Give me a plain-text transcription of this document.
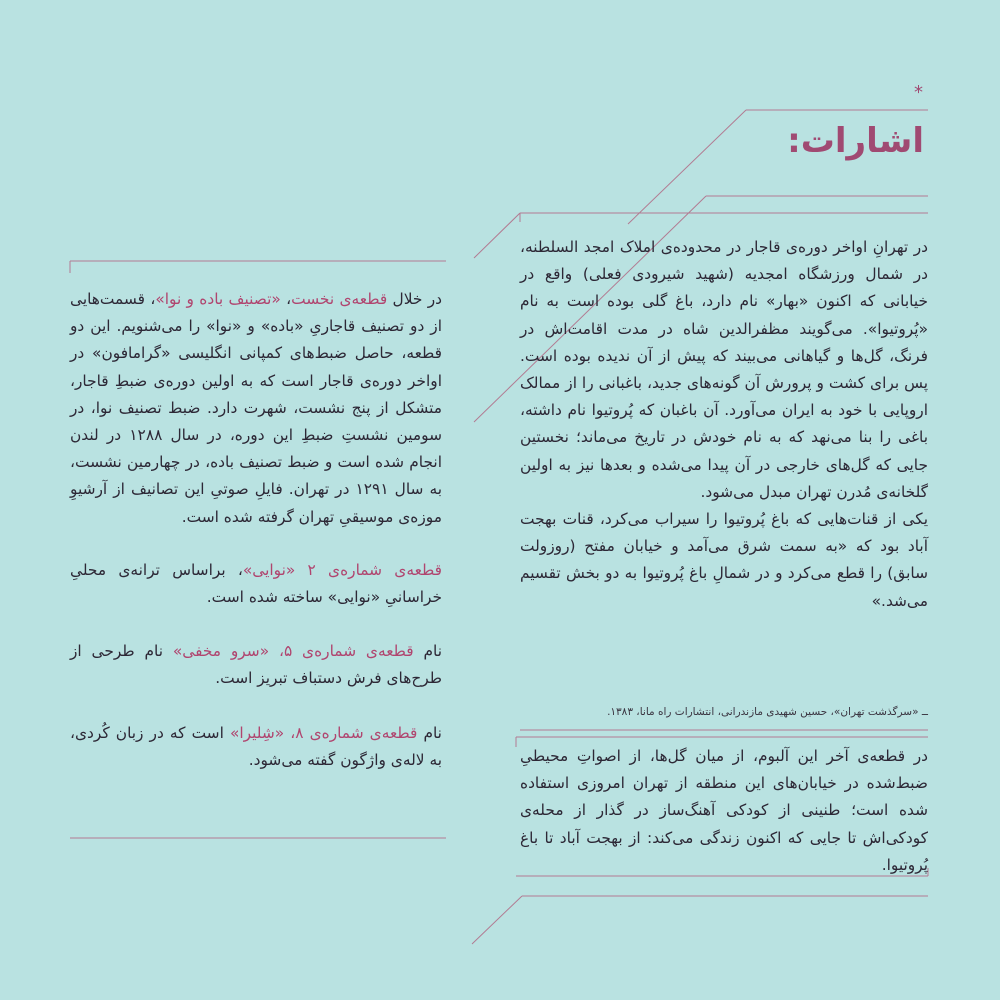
*
اشارات:

در تهرانِ اواخر دوره‌ی قاجار در محدوده‌ی املاک امجد السلطنه، در شمال ورزشگاه امجدیه (شهید شیرودی فعلی) واقع در خیابانی که اکنون «بهار» نام دارد، باغ گلی بوده است به نام «پُروتیوا». می‌گویند مظفرالدین شاه در مدت اقامت‌اش در فرنگ، گل‌ها و گیاهانی می‌بیند که پیش از آن ندیده بوده است. پس برای کشت و پرورش آن گونه‌های جدید، باغبانی را از ممالک اروپایی با خود به ایران می‌آورد. آن باغبان که پُروتیوا نام داشته، باغی را بنا می‌نهد که به نام خودش در تاریخ می‌ماند؛ نخستین جایی که گل‌های خارجی در آن پیدا می‌شده و بعدها نیز به اولین گلخانه‌ی مُدرن تهران مبدل می‌شود.

یکی از قنات‌هایی که باغ پُروتیوا را سیراب می‌کرد، قنات بهجت آباد بود که «به سمت شرق می‌آمد و خیابان مفتح (روزولت سابق) را قطع می‌کرد و در شمالِ باغ پُروتیوا به دو بخش تقسیم می‌شد.»

ــ «سرگذشت تهران»، حسین شهیدی مازندرانی، انتشارات راه مانا، ۱۳۸۳.
در قطعه‌ی آخر این آلبوم، از میان گل‌ها، از اصواتِ محیطیِ ضبط‌شده در خیابان‌های این منطقه از تهران امروزی استفاده شده است؛ طنینی از کودکی آهنگ‌ساز در گذار از محله‌ی کودکی‌اش تا جایی که اکنون زندگی می‌کند: از بهجت آباد تا باغ پُروتیوا.

در خلال قطعه‌ی نخست، «تصنیف باده و نوا»، قسمت‌هایی از دو تصنیف قاجاریِ «باده» و «نوا» را می‌شنویم. این دو قطعه، حاصل ضبط‌های کمپانی انگلیسی «گرامافون» در اواخر دوره‌ی قاجار است که به اولین دوره‌ی ضبطِ قاجار، متشکل از پنج نشست، شهرت دارد. ضبط تصنیف نوا، در سومین نشستِ ضبطِ این دوره، در سال ۱۲۸۸ در لندن انجام شده است و ضبط تصنیف باده، در چهارمین نشست، به سال ۱۲۹۱ در تهران. فایلِ صوتیِ این تصانیف از آرشیوِ موزه‌ی موسیقیِ تهران گرفته شده است.

قطعه‌ی شماره‌ی ۲ «نوایی»، براساس ترانه‌ی محلیِ خراسانیِ «نوایی» ساخته شده است.

نام قطعه‌ی شماره‌ی ۵، «سرو مخفی» نام طرحی از طرح‌های فرش دستباف تبریز است.

نام قطعه‌ی شماره‌ی ۸، «شِلیرا» است که در زبان کُردی، به لاله‌ی واژگون گفته می‌شود.
